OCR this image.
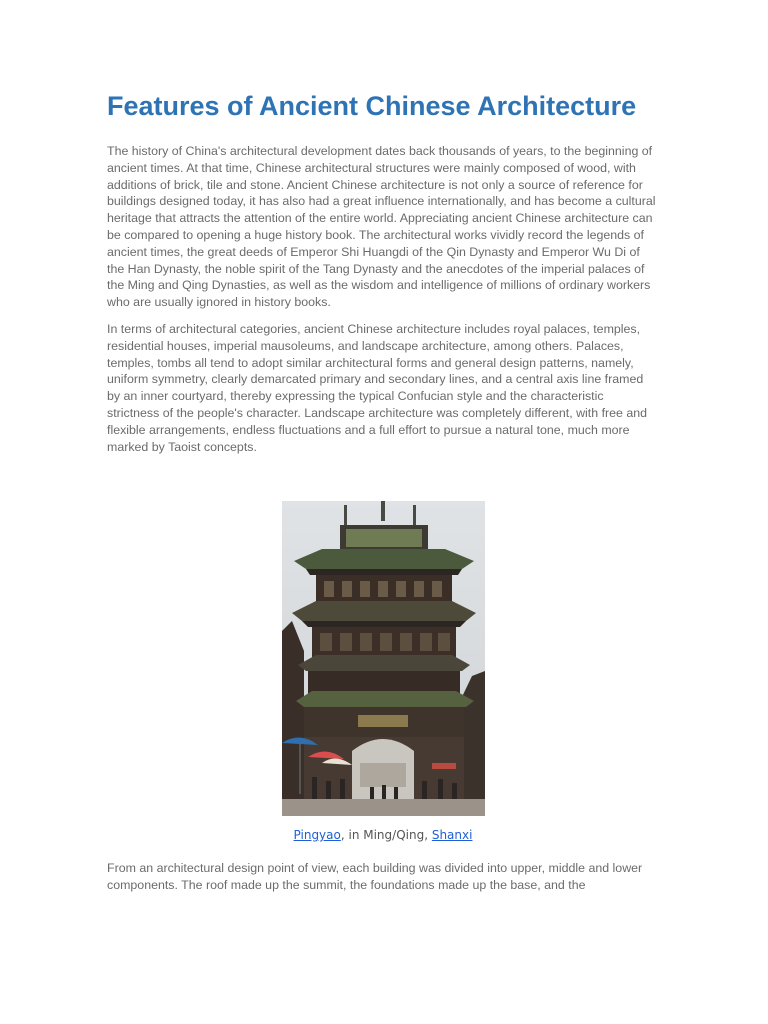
Features of Ancient Chinese Architecture

The history of China's architectural development dates back thousands of years, to the beginning of ancient times. At that time, Chinese architectural structures were mainly composed of wood, with additions of brick, tile and stone. Ancient Chinese architecture is not only a source of reference for buildings designed today, it has also had a great influence internationally, and has become a cultural heritage that attracts the attention of the entire world. Appreciating ancient Chinese architecture can be compared to opening a huge history book. The architectural works vividly record the legends of ancient times, the great deeds of Emperor Shi Huangdi of the Qin Dynasty and Emperor Wu Di of the Han Dynasty, the noble spirit of the Tang Dynasty and the anecdotes of the imperial palaces of the Ming and Qing Dynasties, as well as the wisdom and intelligence of millions of ordinary workers who are usually ignored in history books.

In terms of architectural categories, ancient Chinese architecture includes royal palaces, temples, residential houses, imperial mausoleums, and landscape architecture, among others. Palaces, temples, tombs all tend to adopt similar architectural forms and general design patterns, namely, uniform symmetry, clearly demarcated primary and secondary lines, and a central axis line framed by an inner courtyard, thereby expressing the typical Confucian style and the characteristic strictness of the people's character. Landscape architecture was completely different, with free and flexible arrangements, endless fluctuations and a full effort to pursue a natural tone, much more marked by Taoist concepts.

Pingyao, in Ming/Qing, Shanxi

From an architectural design point of view, each building was divided into upper, middle and lower components. The roof made up the summit, the foundations made up the base, and the
